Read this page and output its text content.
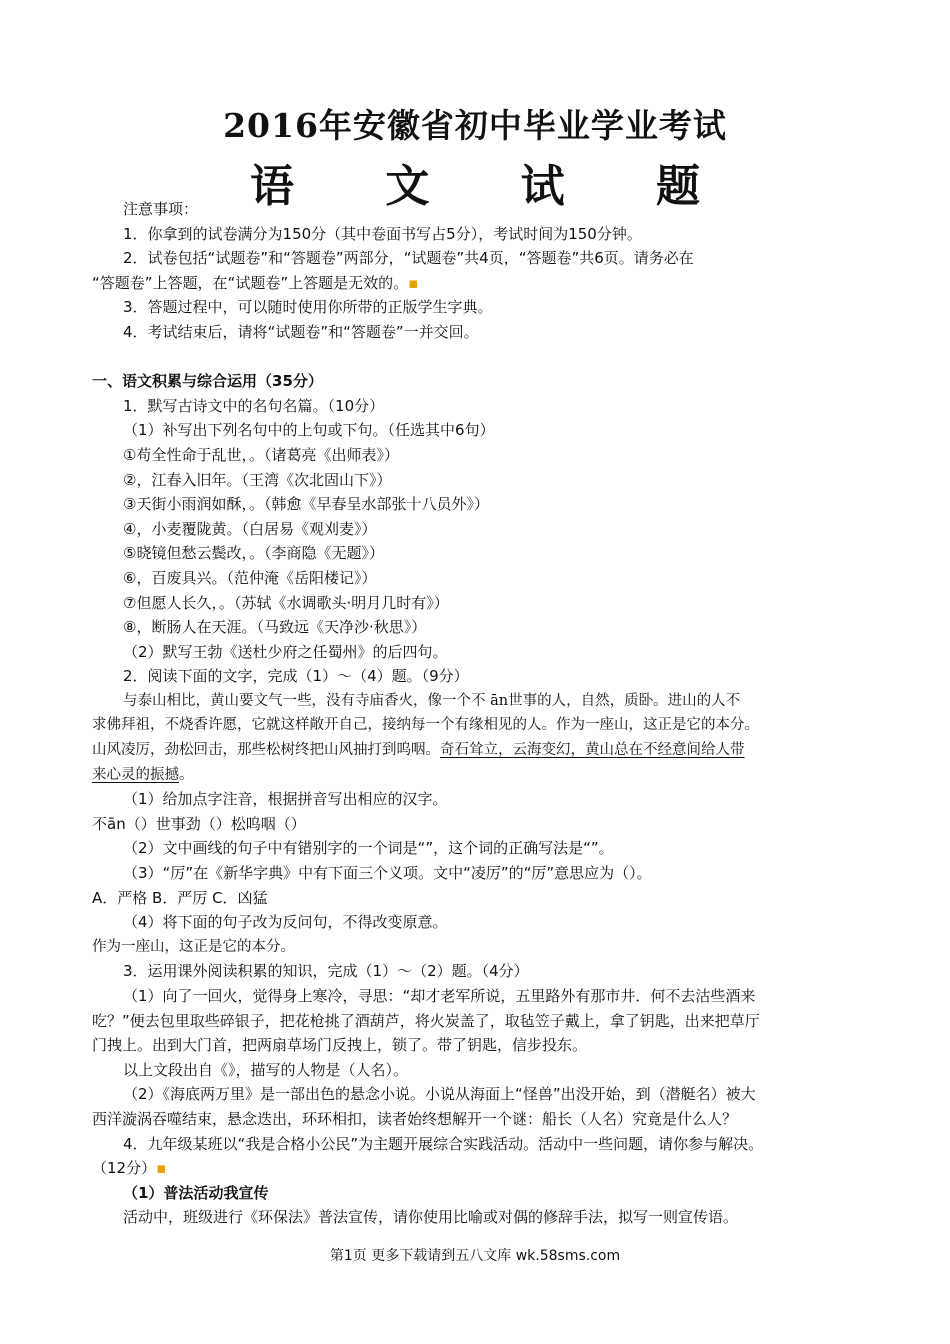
2016年安徽省初中毕业学业考试
语 文 试 题
注意事项：
1．你拿到的试卷满分为150分（其中卷面书写占5分），考试时间为150分钟。
2．试卷包括“试题卷”和“答题卷”两部分，“试题卷”共4页，“答题卷”共6页。请务必在
“答题卷”上答题，在“试题卷”上答题是无效的。▪
3．答题过程中，可以随时使用你所带的正版学生字典。
4．考试结束后，请将“试题卷”和“答题卷”一并交回。
一、语文积累与综合运用（35分）
1．默写古诗文中的名句名篇。（10分）
（1）补写出下列名句中的上句或下句。（任选其中6句）
①苟全性命于乱世，。（诸葛亮《出师表》）
②，江春入旧年。（王湾《次北固山下》）
③天街小雨润如酥，。（韩愈《早春呈水部张十八员外》）
④，小麦覆陇黄。（白居易《观刈麦》）
⑤晓镜但愁云鬓改，。（李商隐《无题》）
⑥，百废具兴。（范仲淹《岳阳楼记》）
⑦但愿人长久，。（苏轼《水调歌头·明月几时有》）
⑧，断肠人在天涯。（马致远《天净沙·秋思》）
（2）默写王勃《送杜少府之任蜀州》的后四句。
2．阅读下面的文字，完成（1）～（4）题。（9分）
与泰山相比，黄山要文气一些，没有寺庙香火，像一个不 ān世事的人，自然，质卧。进山的人不
求佛拜祖，不烧香许愿，它就这样敞开自己，接纳每一个有缘相见的人。作为一座山，这正是它的本分。
山风凌厉，劲松回击，那些松树终把山风抽打到呜咽。奇石耸立，云海变幻，黄山总在不经意间给人带
来心灵的振撼。
（1）给加点字注音，根据拼音写出相应的汉字。
不ān（）世事劲（）松呜咽（）
（2）文中画线的句子中有错别字的一个词是“”，这个词的正确写法是“”。
（3）“厉”在《新华字典》中有下面三个义项。文中“凌厉”的“厉”意思应为（）。
A．严格 B．严厉 C．凶猛
（4）将下面的句子改为反问句，不得改变原意。
作为一座山，这正是它的本分。
3．运用课外阅读积累的知识，完成（1）～（2）题。（4分）
（1）向了一回火，觉得身上寒冷，寻思：“却才老军所说，五里路外有那市井．何不去沽些酒来
吃？”便去包里取些碎银子，把花枪挑了酒葫芦，将火炭盖了，取毡笠子戴上，拿了钥匙，出来把草厅
门拽上。出到大门首，把两扇草场门反拽上，锁了。带了钥匙，信步投东。
以上文段出自《》，描写的人物是（人名）。
（2）《海底两万里》是一部出色的悬念小说。小说从海面上“怪兽”出没开始，到（潜艇名）被大
西洋漩涡吞噬结束，悬念迭出，环环相扣，读者始终想解开一个谜：船长（人名）究竟是什么人？
4．九年级某班以“我是合格小公民”为主题开展综合实践活动。活动中一些问题，请你参与解决。
（12分）▪
（1）普法活动我宣传
活动中，班级进行《环保法》普法宣传，请你使用比喻或对偶的修辞手法，拟写一则宣传语。
第1页 更多下载请到五八文库 wk.58sms.com
